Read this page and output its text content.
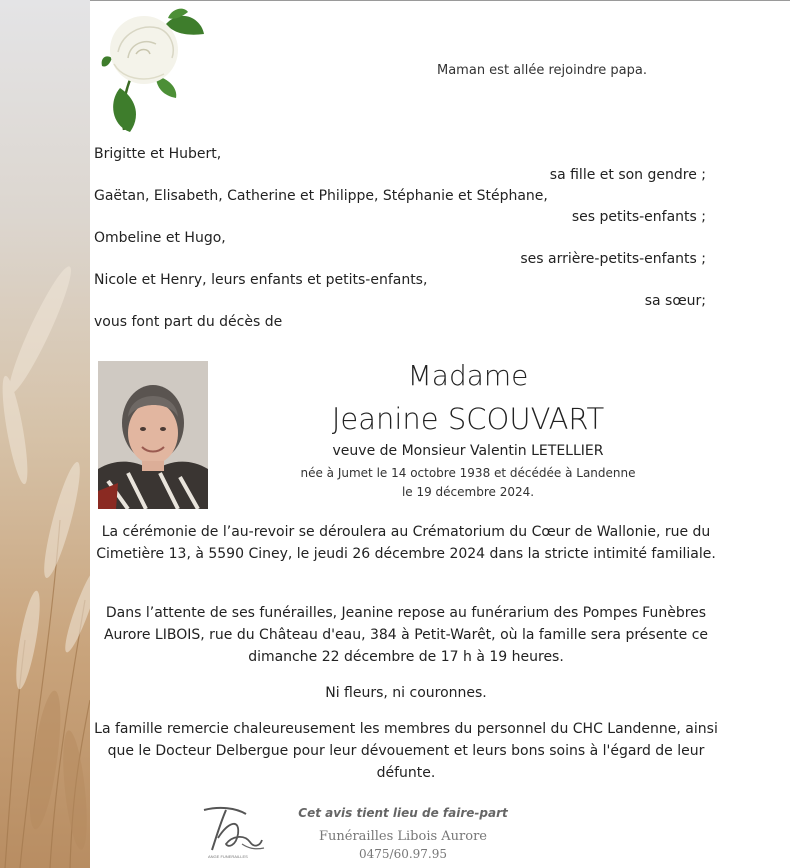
Maman est allée rejoindre papa.
Brigitte et Hubert,
sa fille et son gendre ;
Gaëtan, Elisabeth, Catherine et Philippe, Stéphanie et Stéphane,
ses petits-enfants ;
Ombeline et Hugo,
ses arrière-petits-enfants ;
Nicole et Henry, leurs enfants et petits-enfants,
sa sœur;
vous font part du décès de
Madame
Jeanine SCOUVART
veuve de Monsieur Valentin LETELLIER
née à Jumet le 14 octobre 1938 et décédée à Landenne
le 19 décembre 2024.
La cérémonie de l’au-revoir se déroulera au Crématorium du Cœur de Wallonie, rue du Cimetière 13, à 5590 Ciney, le jeudi 26 décembre 2024 dans la stricte intimité familiale.
Dans l’attente de ses funérailles, Jeanine repose au funérarium des Pompes Funèbres Aurore LIBOIS, rue du Château d'eau, 384 à Petit-Warêt, où la famille sera présente ce dimanche 22 décembre de 17 h à 19 heures.
Ni fleurs, ni couronnes.
La famille remercie chaleureusement les membres du personnel du CHC Landenne, ainsi que le Docteur Delbergue pour leur dévouement et leurs bons soins à l'égard de leur défunte.
ANGE FUNERAILLES
Cet avis tient lieu de faire-part
Funérailles Libois Aurore
0475/60.97.95
